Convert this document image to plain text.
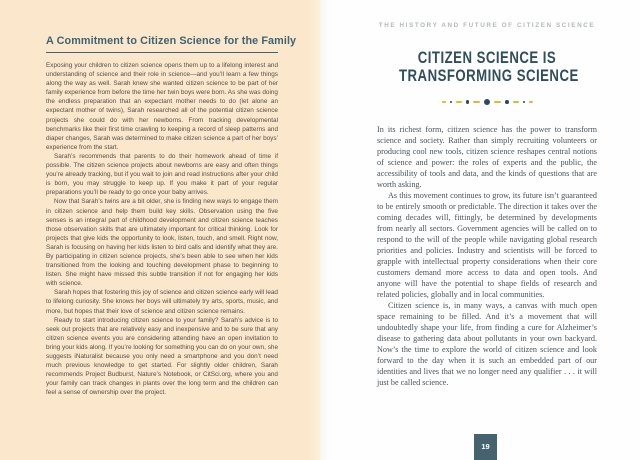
A Commitment to Citizen Science for the Family

Exposing your children to citizen science opens them up to a lifelong interest and understanding of science and their role in science—and you’ll learn a few things along the way as well. Sarah knew she wanted citizen science to be part of her family experience from before the time her twin boys were born. As she was doing the endless preparation that an expectant mother needs to do (let alone an expectant mother of twins), Sarah researched all of the potential citizen science projects she could do with her newborns. From tracking developmental benchmarks like their first time crawling to keeping a record of sleep patterns and diaper changes, Sarah was determined to make citizen science a part of her boys’ experience from the start.

Sarah’s recommends that parents to do their homework ahead of time if possible. The citizen science projects about newborns are easy and often things you’re already tracking, but if you wait to join and read instructions after your child is born, you may struggle to keep up. If you make it part of your regular preparations you’ll be ready to go once your baby arrives.

Now that Sarah’s twins are a bit older, she is finding new ways to engage them in citizen science and help them build key skills. Observation using the five senses is an integral part of childhood development and citizen science teaches those observation skills that are ultimately important for critical thinking. Look for projects that give kids the opportunity to look, listen, touch, and smell. Right now, Sarah is focusing on having her kids listen to bird calls and identify what they are. By participating in citizen science projects, she’s been able to see when her kids transitioned from the looking and touching development phase to beginning to listen. She might have missed this subtle transition if not for engaging her kids with science.

Sarah hopes that fostering this joy of science and citizen science early will lead to lifelong curiosity. She knows her boys will ultimately try arts, sports, music, and more, but hopes that their love of science and citizen science remains.

Ready to start introducing citizen science to your family? Sarah’s advice is to seek out projects that are relatively easy and inexpensive and to be sure that any citizen science events you are considering attending have an open invitation to bring your kids along. If you’re looking for something you can do on your own, she suggests iNaturalist because you only need a smartphone and you don’t need much previous knowledge to get started. For slightly older children, Sarah recommends Project Budburst, Nature’s Notebook, or CitSci.org, where you and your family can track changes in plants over the long term and the children can feel a sense of ownership over the project.

THE HISTORY AND FUTURE OF CITIZEN SCIENCE
CITIZEN SCIENCE IS
TRANSFORMING SCIENCE

In its richest form, citizen science has the power to transform science and society. Rather than simply recruiting volunteers or producing cool new tools, citizen science reshapes central notions of science and power: the roles of experts and the public, the accessibility of tools and data, and the kinds of questions that are worth asking.

As this movement continues to grow, its future isn’t guaranteed to be entirely smooth or predictable. The direction it takes over the coming decades will, fittingly, be determined by developments from nearly all sectors. Government agencies will be called on to respond to the will of the people while navigating global research priorities and policies. Industry and scientists will be forced to grapple with intellectual property considerations when their core customers demand more access to data and open tools. And anyone will have the potential to shape fields of research and related policies, globally and in local communities.

Citizen science is, in many ways, a canvas with much open space remaining to be filled. And it’s a movement that will undoubtedly shape your life, from finding a cure for Alzheimer’s disease to gathering data about pollutants in your own backyard. Now’s the time to explore the world of citizen science and look forward to the day when it is such an embedded part of our identities and lives that we no longer need any qualifier . . . it will just be called science.

19
